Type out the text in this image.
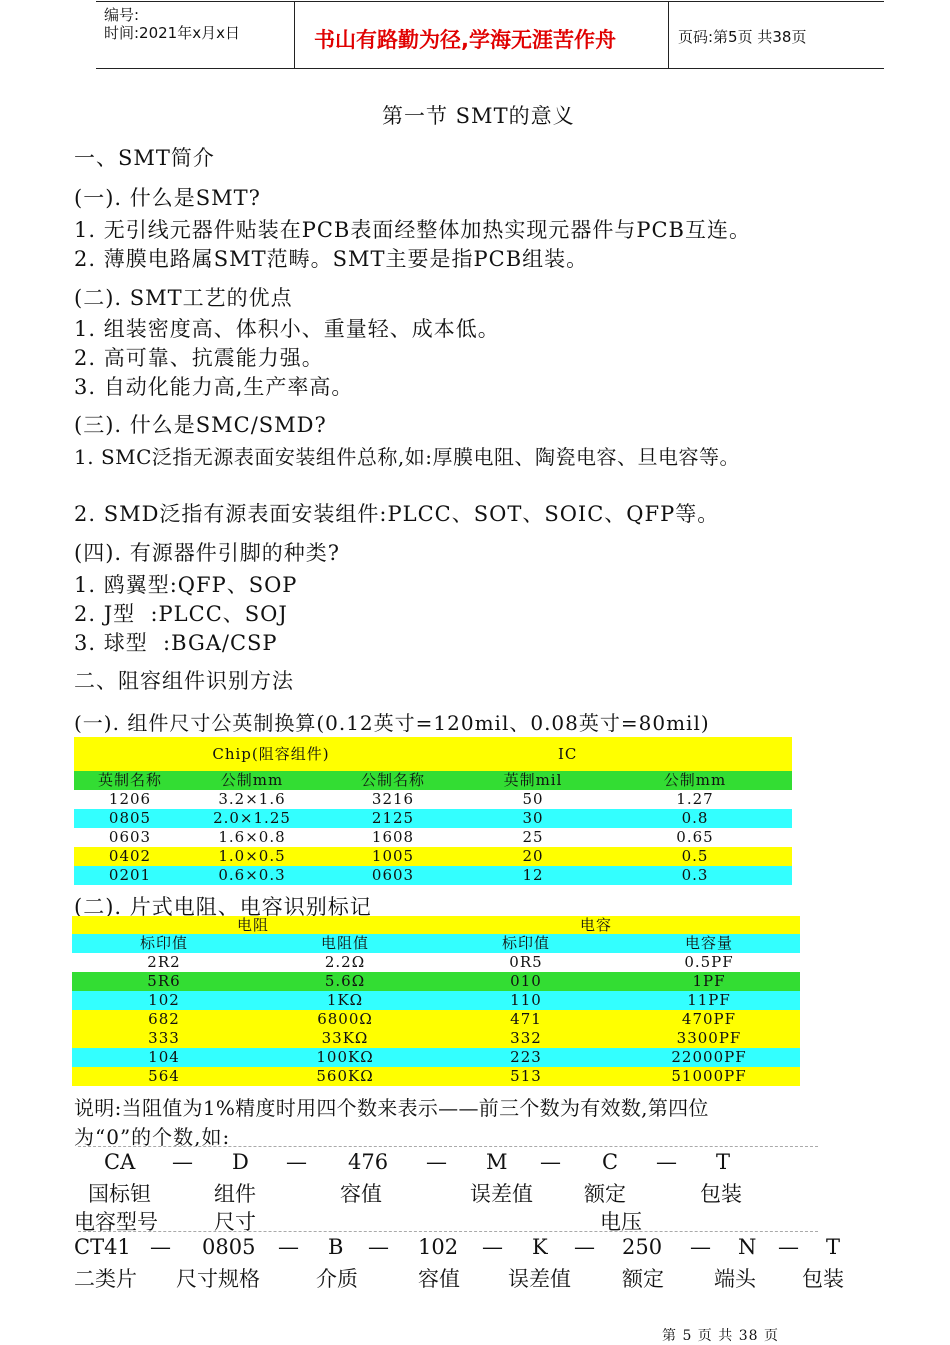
编号:
时间:2021年x月x日	书山有路勤为径,学海无涯苦作舟	页码:第5页 共38页
第一节 SMT的意义
一、SMT简介
(一). 什么是SMT?
1. 无引线元器件贴装在PCB表面经整体加热实现元器件与PCB互连。
2. 薄膜电路属SMT范畴。SMT主要是指PCB组装。
(二). SMT工艺的优点
1. 组装密度高、体积小、重量轻、成本低。
2. 高可靠、抗震能力强。
3. 自动化能力高,生产率高。
(三). 什么是SMC/SMD?
1. SMC泛指无源表面安装组件总称,如:厚膜电阻、陶瓷电容、旦电容等。
2. SMD泛指有源表面安装组件:PLCC、SOT、SOIC、QFP等。
(四). 有源器件引脚的种类?
1. 鸥翼型:QFP、SOP
2. J型  :PLCC、SOJ
3. 球型  :BGA/CSP
二、阻容组件识别方法
(一). 组件尺寸公英制换算(0.12英寸=120mil、0.08英寸=80mil)
Chip(阻容组件)			IC	
英制名称	公制mm	公制名称	英制mil	公制mm
1206	3.2×1.6	3216	50	1.27
0805	2.0×1.25	2125	30	0.8
0603	1.6×0.8	1608	25	0.65
0402	1.0×0.5	1005	20	0.5
0201	0.6×0.3	0603	12	0.3
(二). 片式电阻、电容识别标记
电阻		电容	
标印值	电阻值	标印值	电容量
2R2	2.2Ω	0R5	0.5PF
5R6	5.6Ω	010	1PF
102	1KΩ	110	11PF
682	6800Ω	471	470PF
333	33KΩ	332	3300PF
104	100KΩ	223	22000PF
564	560KΩ	513	51000PF
说明:当阻值为1%精度时用四个数来表示——前三个数为有效数,第四位
为“0”的个数,如:
CA — D — 476 — M — C — T
国标钽	组件	容值	误差值 额定	包装
电容型号	尺寸	电压
CT41 — 0805 — B — 102 — K — 250 — N — T
二类片 尺寸规格	介质	容值 误差值 额定 端头 包装
第 5 页 共 38 页
